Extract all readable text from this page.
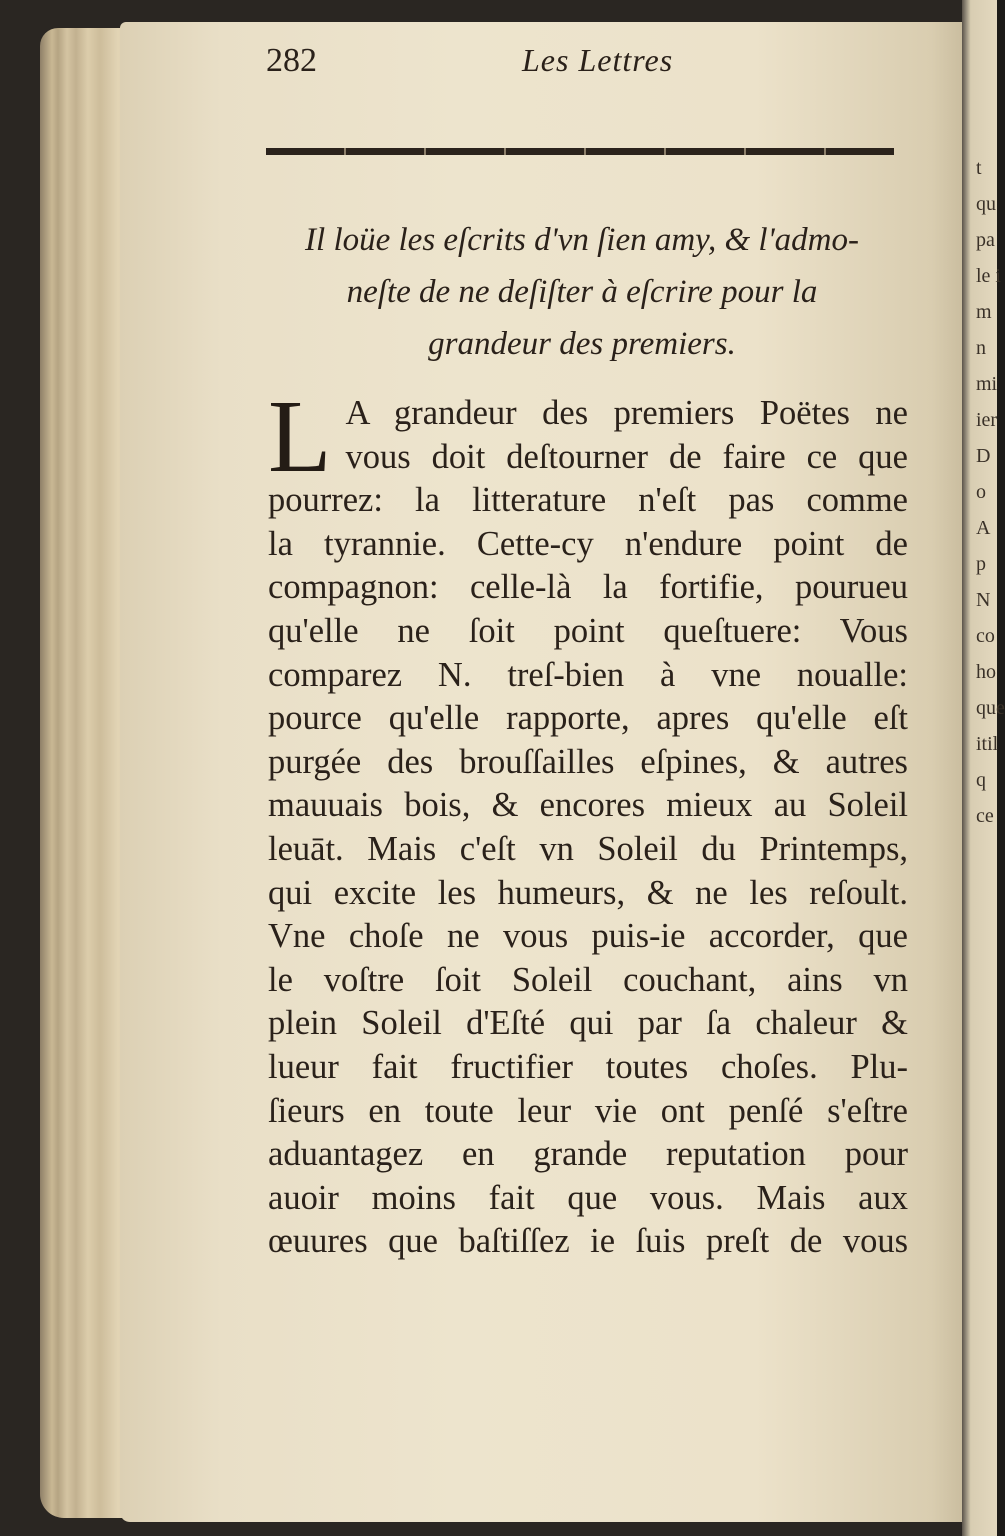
t
qu
pa
le i
m
n
mi
ier
D
o
A
p
N
co
ho
que
itil
q
ce
282	Les Lettres
Il loüe les eſcrits d'vn ſien amy, & l'admo-
neſte de ne deſiſter à eſcrire pour la
grandeur des premiers.
L A grandeur des premiers Poëtes ne
vous doit deſtourner de faire ce que
pourrez: la litterature n'eſt pas comme
la tyrannie. Cette-cy n'endure point de
compagnon: celle-là la fortifie, pourueu
qu'elle ne ſoit point queſtuere: Vous
comparez N. treſ-bien à vne noualle:
pource qu'elle rapporte, apres qu'elle eſt
purgée des brouſſailles eſpines, & autres
mauuais bois, & encores mieux au Soleil
leuāt. Mais c'eſt vn Soleil du Printemps,
qui excite les humeurs, & ne les reſoult.
Vne choſe ne vous puis-ie accorder, que
le voſtre ſoit Soleil couchant, ains vn
plein Soleil d'Eſté qui par ſa chaleur &
lueur fait fructifier toutes choſes. Plu-
ſieurs en toute leur vie ont penſé s'eſtre
aduantagez en grande reputation pour
auoir moins fait que vous. Mais aux
œuures que baſtiſſez ie ſuis preſt de vous
